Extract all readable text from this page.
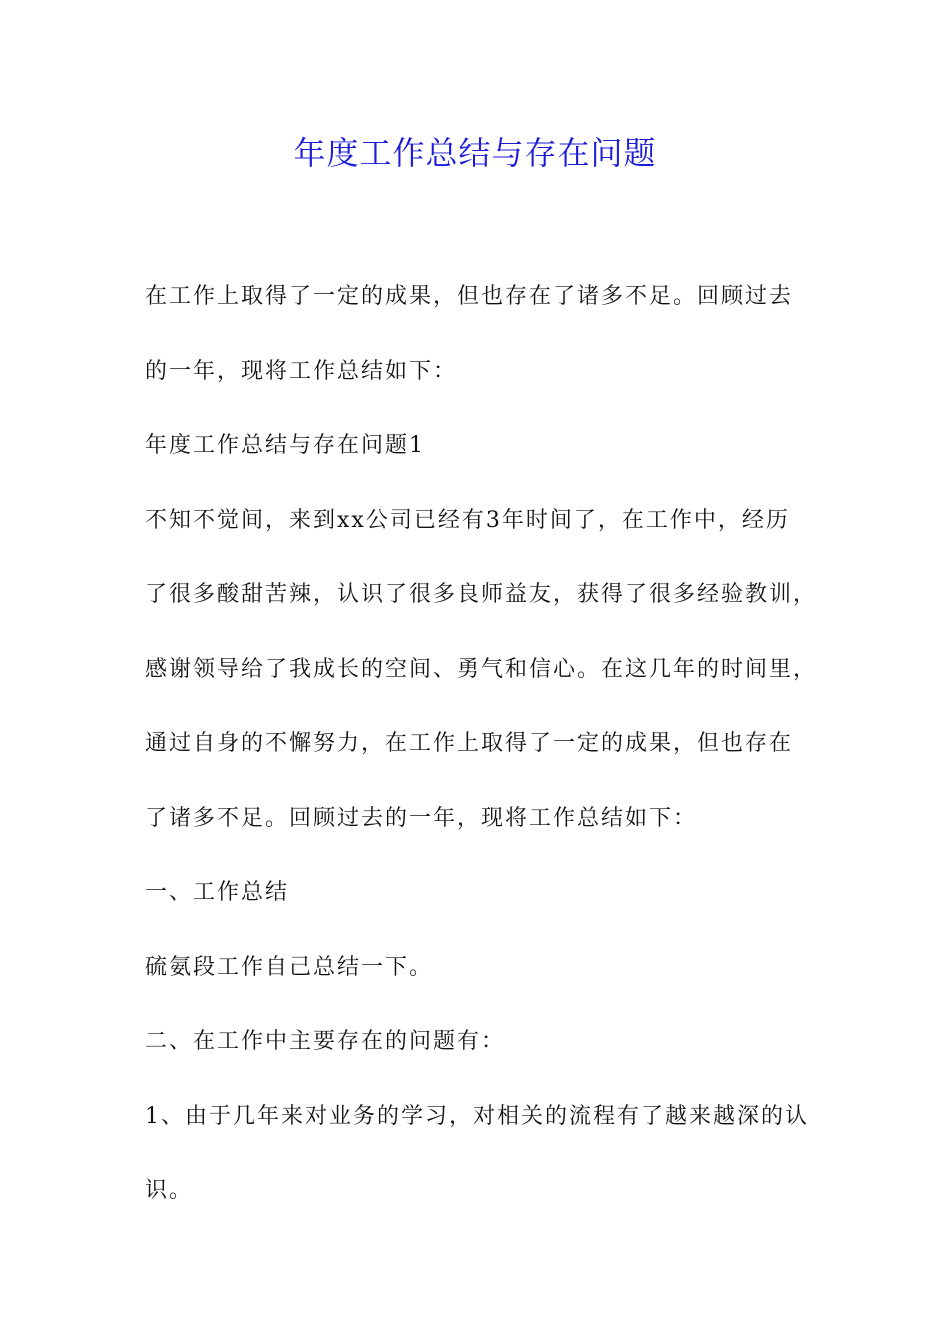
年度工作总结与存在问题

在工作上取得了一定的成果，但也存在了诸多不足。回顾过去

的一年，现将工作总结如下：

年度工作总结与存在问题1

不知不觉间，来到xx公司已经有3年时间了，在工作中，经历

了很多酸甜苦辣，认识了很多良师益友，获得了很多经验教训，

感谢领导给了我成长的空间、勇气和信心。在这几年的时间里，

通过自身的不懈努力，在工作上取得了一定的成果，但也存在

了诸多不足。回顾过去的一年，现将工作总结如下：

一、工作总结

硫氨段工作自己总结一下。

二、在工作中主要存在的问题有：

1、由于几年来对业务的学习，对相关的流程有了越来越深的认

识。
